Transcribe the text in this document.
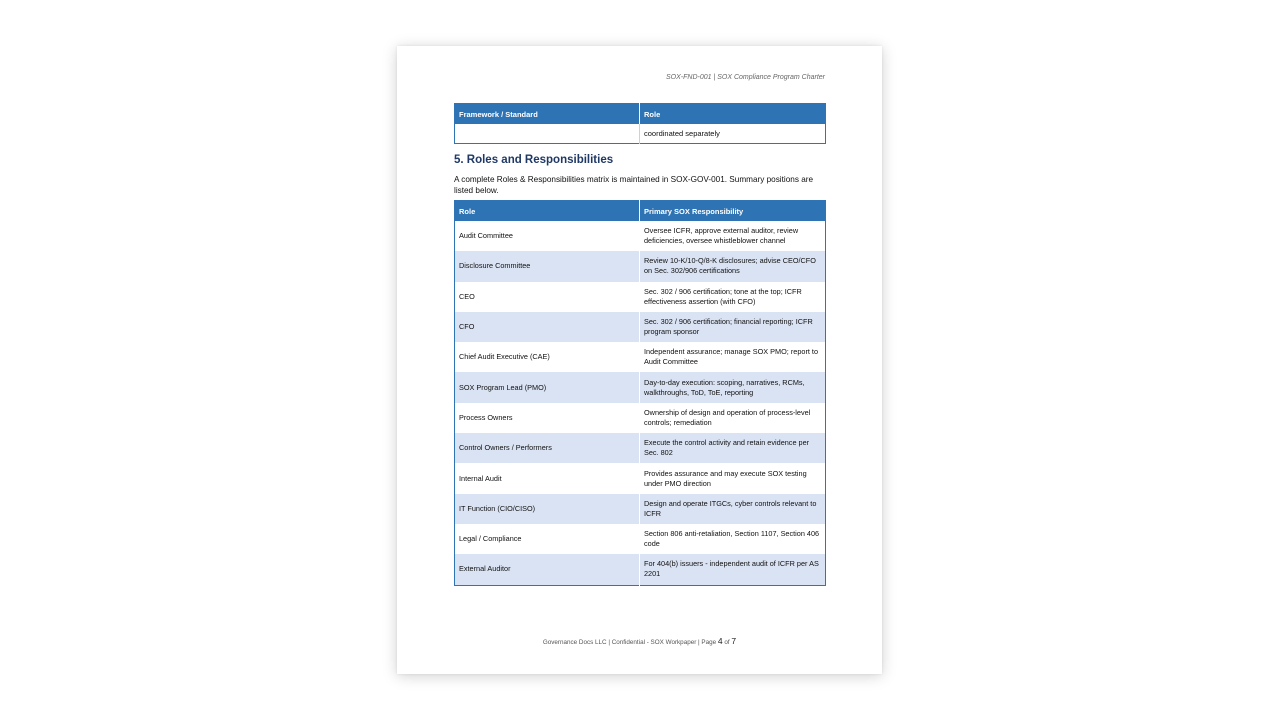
SOX-FND-001 | SOX Compliance Program Charter
Framework / Standard	Role
	coordinated separately
5. Roles and Responsibilities

A complete Roles & Responsibilities matrix is maintained in SOX-GOV-001. Summary positions are listed below.

Role	Primary SOX Responsibility
Audit Committee	Oversee ICFR, approve external auditor, review deficiencies, oversee whistleblower channel
Disclosure Committee	Review 10-K/10-Q/8-K disclosures; advise CEO/CFO on Sec. 302/906 certifications
CEO	Sec. 302 / 906 certification; tone at the top; ICFR effectiveness assertion (with CFO)
CFO	Sec. 302 / 906 certification; financial reporting; ICFR program sponsor
Chief Audit Executive (CAE)	Independent assurance; manage SOX PMO; report to Audit Committee
SOX Program Lead (PMO)	Day-to-day execution: scoping, narratives, RCMs, walkthroughs, ToD, ToE, reporting
Process Owners	Ownership of design and operation of process-level controls; remediation
Control Owners / Performers	Execute the control activity and retain evidence per Sec. 802
Internal Audit	Provides assurance and may execute SOX testing under PMO direction
IT Function (CIO/CISO)	Design and operate ITGCs, cyber controls relevant to ICFR
Legal / Compliance	Section 806 anti-retaliation, Section 1107, Section 406 code
External Auditor	For 404(b) issuers - independent audit of ICFR per AS 2201
Governance Docs LLC | Confidential - SOX Workpaper | Page 4 of 7
